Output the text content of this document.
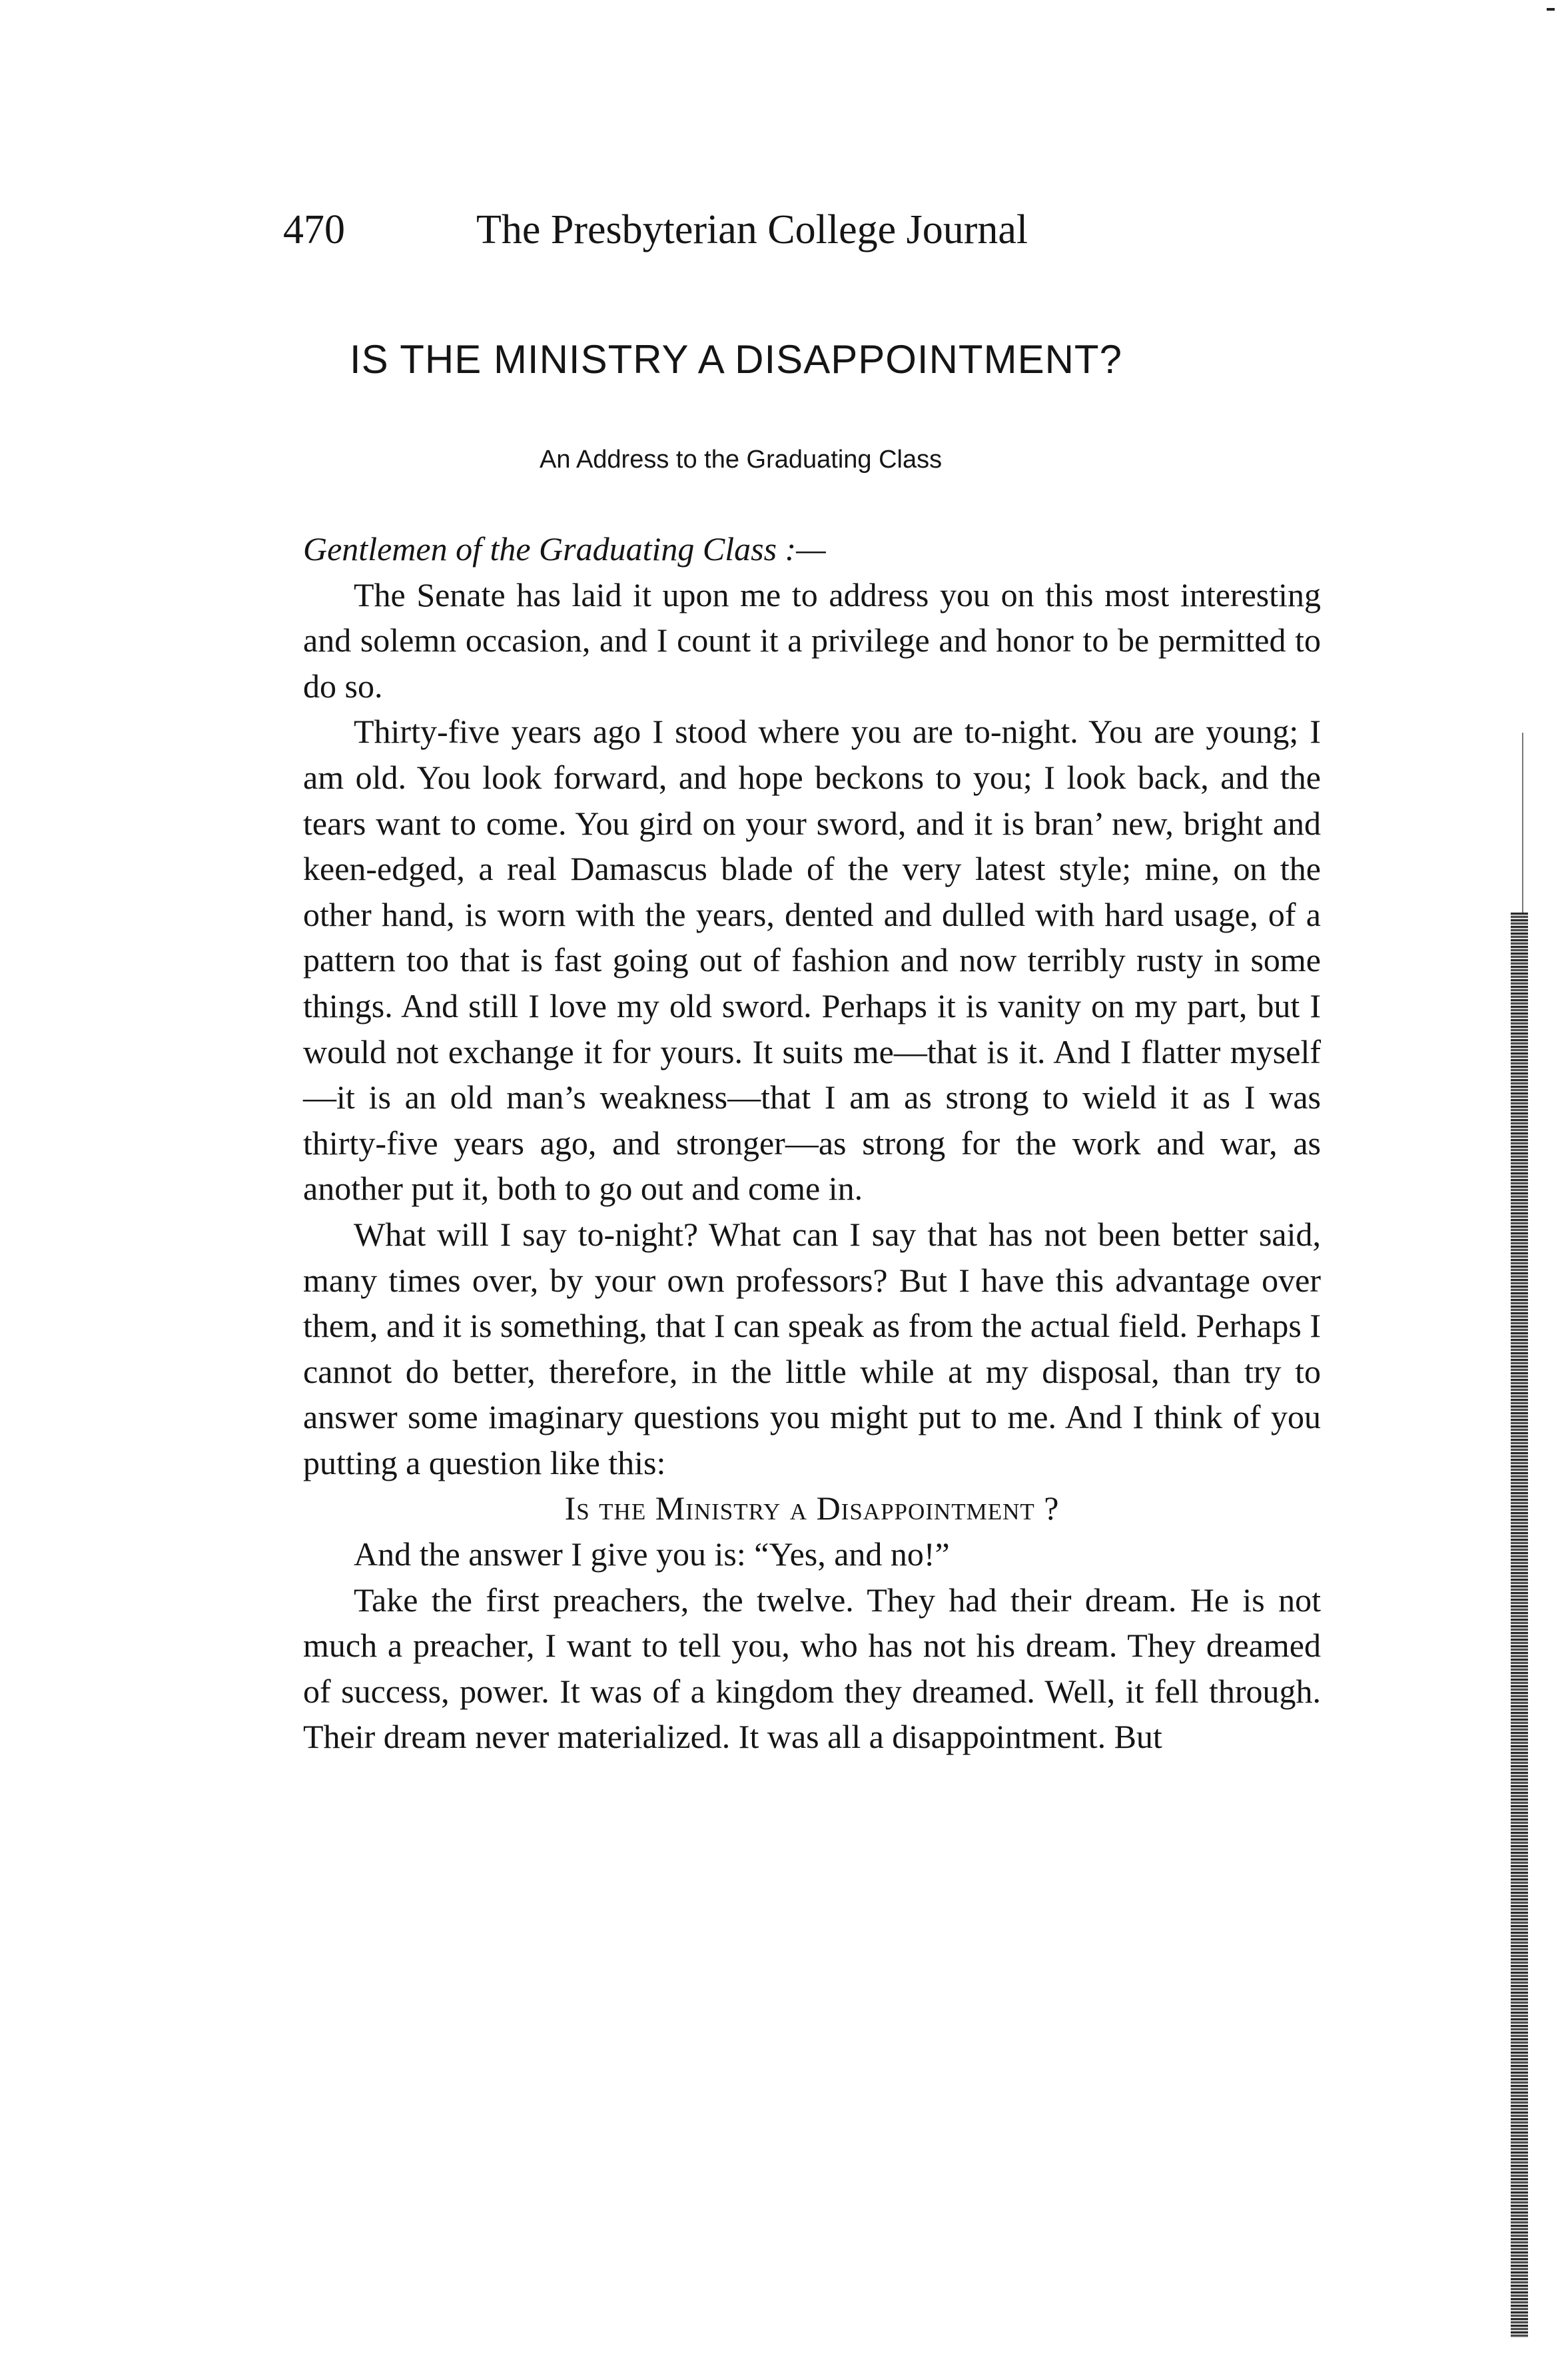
470	The Presbyterian College Journal
IS THE MINISTRY A DISAPPOINTMENT?
An Address to the Graduating Class

Gentlemen of the Graduating Class :—

The Senate has laid it upon me to address you on this most interesting and solemn occasion, and I count it a privilege and honor to be permitted to do so.

Thirty-five years ago I stood where you are to-night. You are young; I am old. You look forward, and hope beckons to you; I look back, and the tears want to come. You gird on your sword, and it is bran’ new, bright and keen-edged, a real Damascus blade of the very latest style; mine, on the other hand, is worn with the years, dented and dulled with hard usage, of a pattern too that is fast going out of fashion and now terribly rusty in some things. And still I love my old sword. Perhaps it is vanity on my part, but I would not exchange it for yours. It suits me—that is it. And I flatter myself—it is an old man’s weakness—that I am as strong to wield it as I was thirty-five years ago, and stronger—as strong for the work and war, as another put it, both to go out and come in.

What will I say to-night? What can I say that has not been better said, many times over, by your own professors? But I have this advantage over them, and it is something, that I can speak as from the actual field. Perhaps I cannot do better, therefore, in the little while at my disposal, than try to answer some imaginary questions you might put to me. And I think of you putting a question like this:

Is the Ministry a Disappointment ?

And the answer I give you is: “Yes, and no!”

Take the first preachers, the twelve. They had their dream. He is not much a preacher, I want to tell you, who has not his dream. They dreamed of success, power. It was of a kingdom they dreamed. Well, it fell through. Their dream never materialized. It was all a disappointment. But
